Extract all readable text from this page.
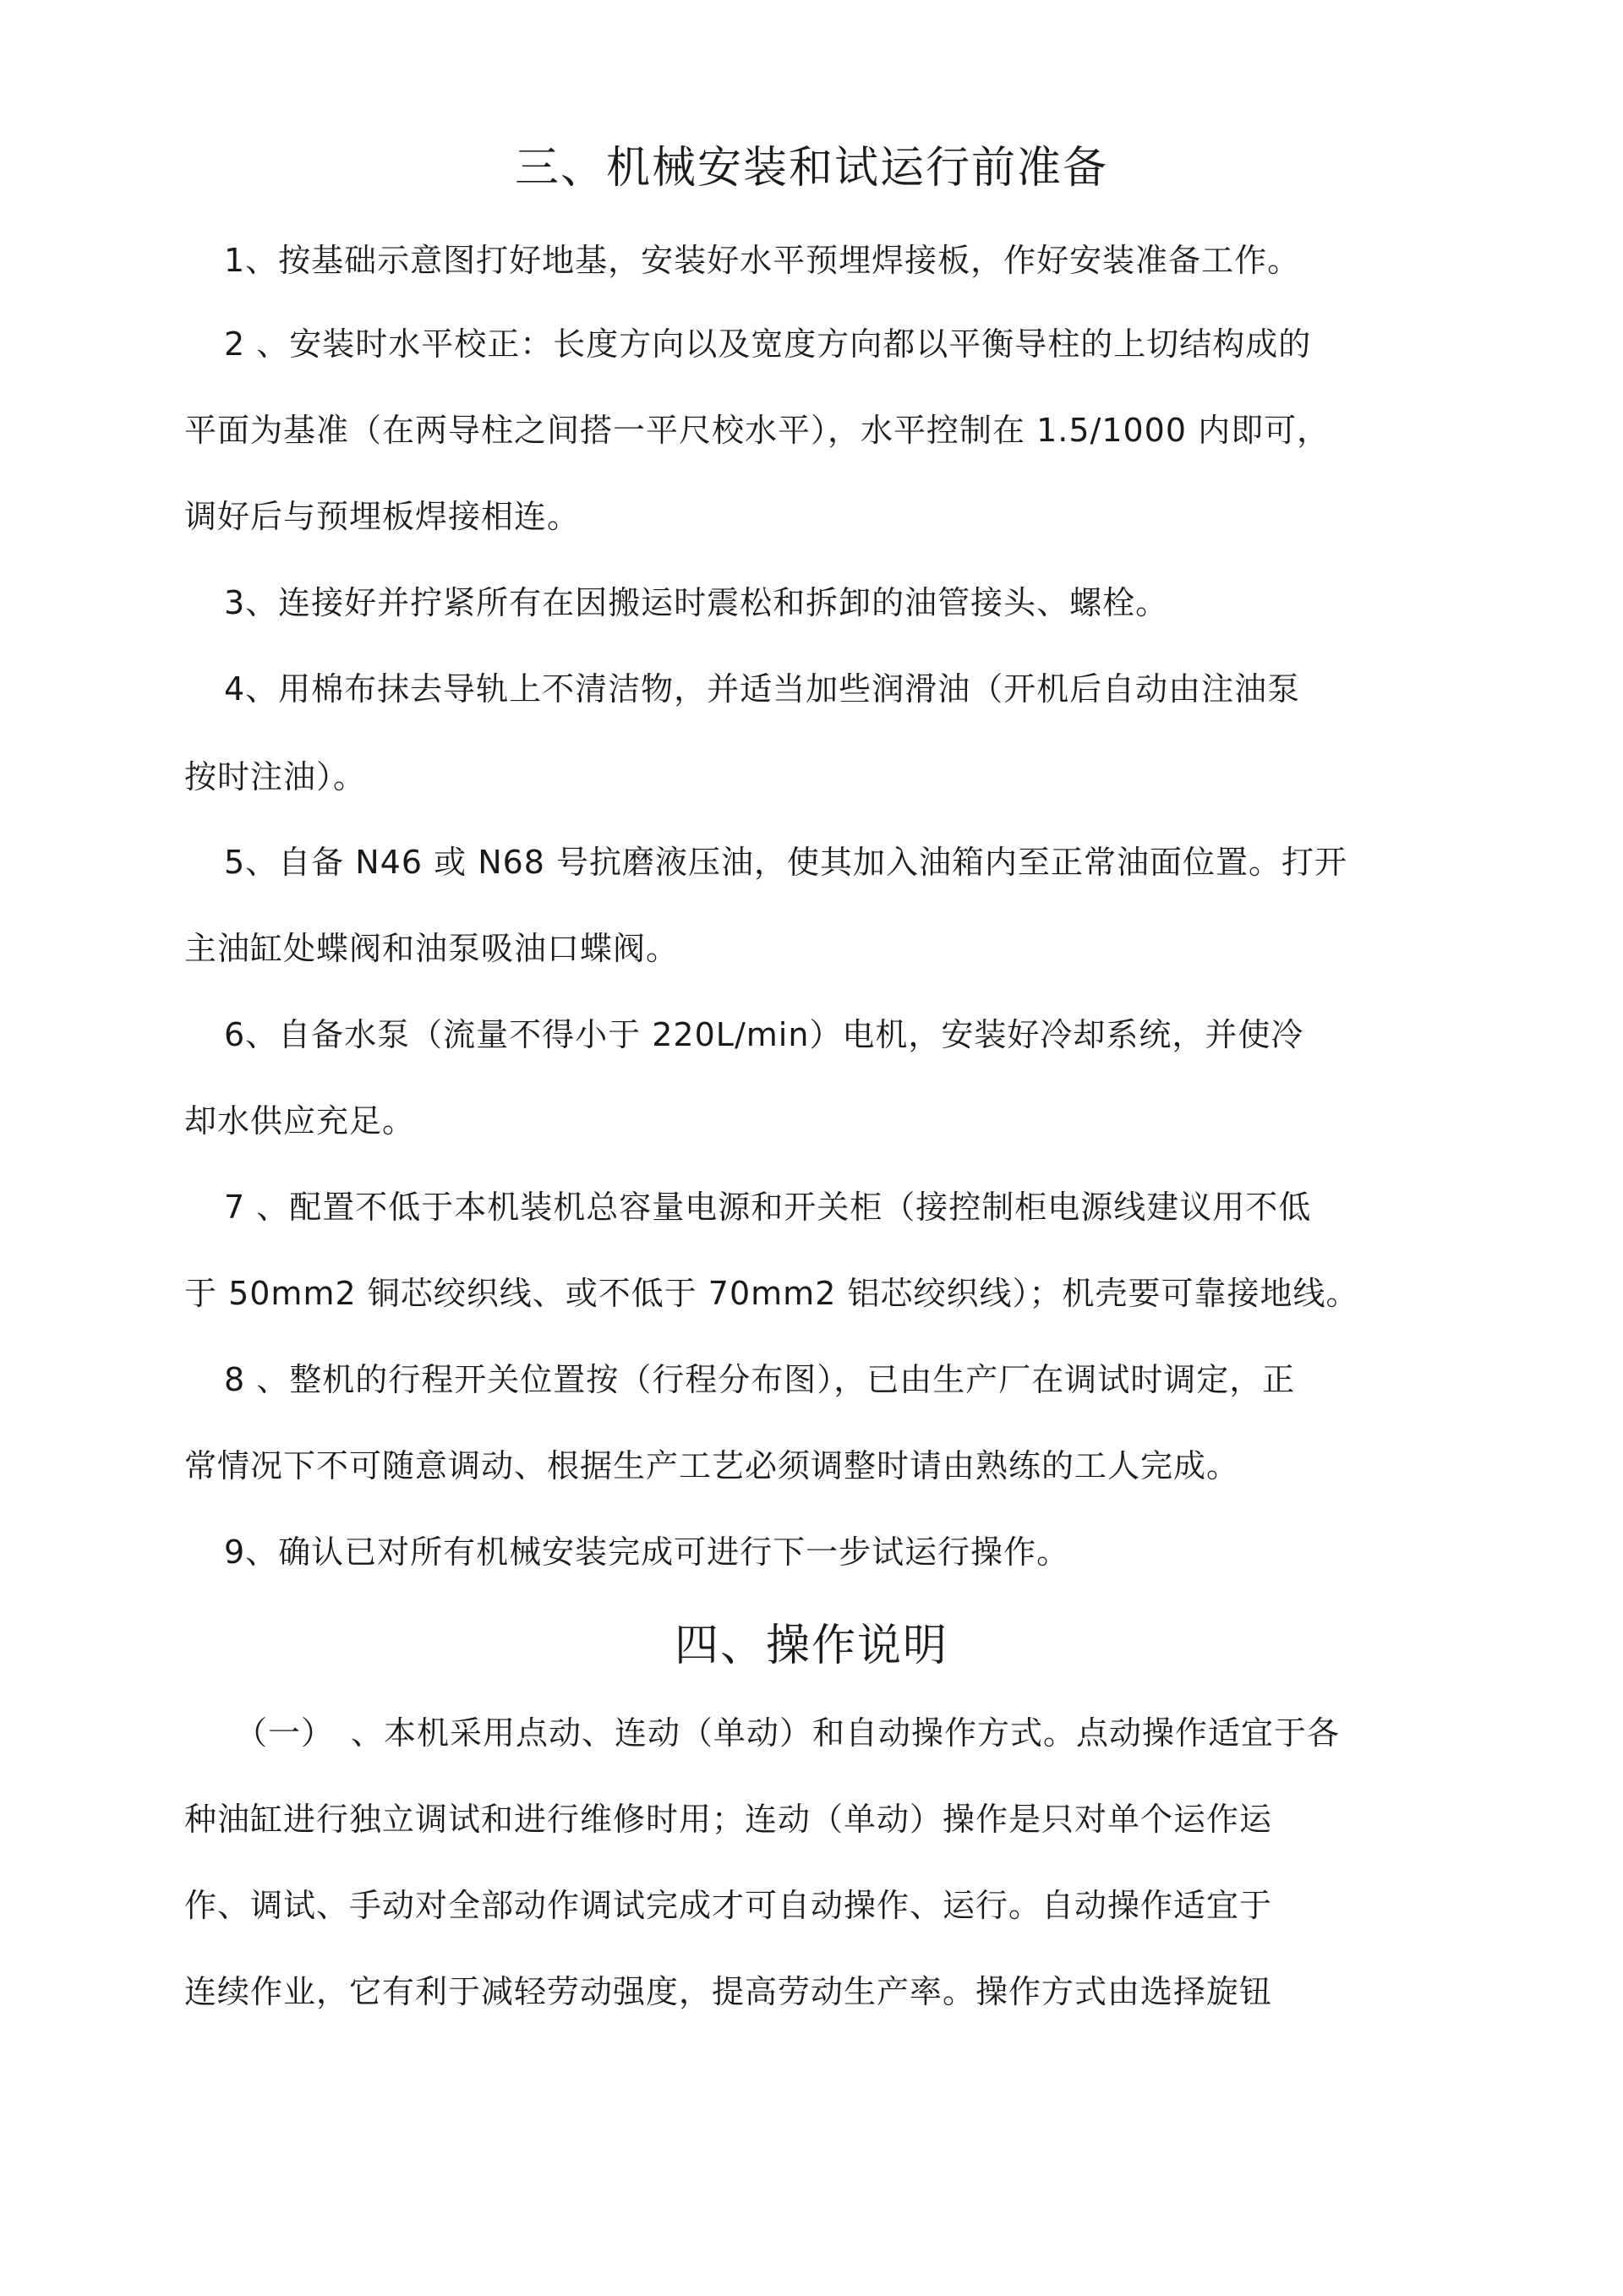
三、机械安装和试运行前准备
1、按基础示意图打好地基，安装好水平预埋焊接板，作好安装准备工作。
2 、安装时水平校正：长度方向以及宽度方向都以平衡导柱的上切结构成的
平面为基准（在两导柱之间搭一平尺校水平），水平控制在 1.5/1000 内即可，
调好后与预埋板焊接相连。
3、连接好并拧紧所有在因搬运时震松和拆卸的油管接头、螺栓。
4、用棉布抹去导轨上不清洁物，并适当加些润滑油（开机后自动由注油泵
按时注油）。
5、自备 N46 或 N68 号抗磨液压油，使其加入油箱内至正常油面位置。打开
主油缸处蝶阀和油泵吸油口蝶阀。
6、自备水泵（流量不得小于 220L/min）电机，安装好冷却系统，并使冷
却水供应充足。
7 、配置不低于本机装机总容量电源和开关柜（接控制柜电源线建议用不低
于 50mm2 铜芯绞织线、或不低于 70mm2 铝芯绞织线）；机壳要可靠接地线。
8 、整机的行程开关位置按（行程分布图），已由生产厂在调试时调定，正
常情况下不可随意调动、根据生产工艺必须调整时请由熟练的工人完成。
9、确认已对所有机械安装完成可进行下一步试运行操作。
四、操作说明
（一）　、本机采用点动、连动（单动）和自动操作方式。点动操作适宜于各
种油缸进行独立调试和进行维修时用；连动（单动）操作是只对单个运作运
作、调试、手动对全部动作调试完成才可自动操作、运行。自动操作适宜于
连续作业，它有利于减轻劳动强度，提高劳动生产率。操作方式由选择旋钮
